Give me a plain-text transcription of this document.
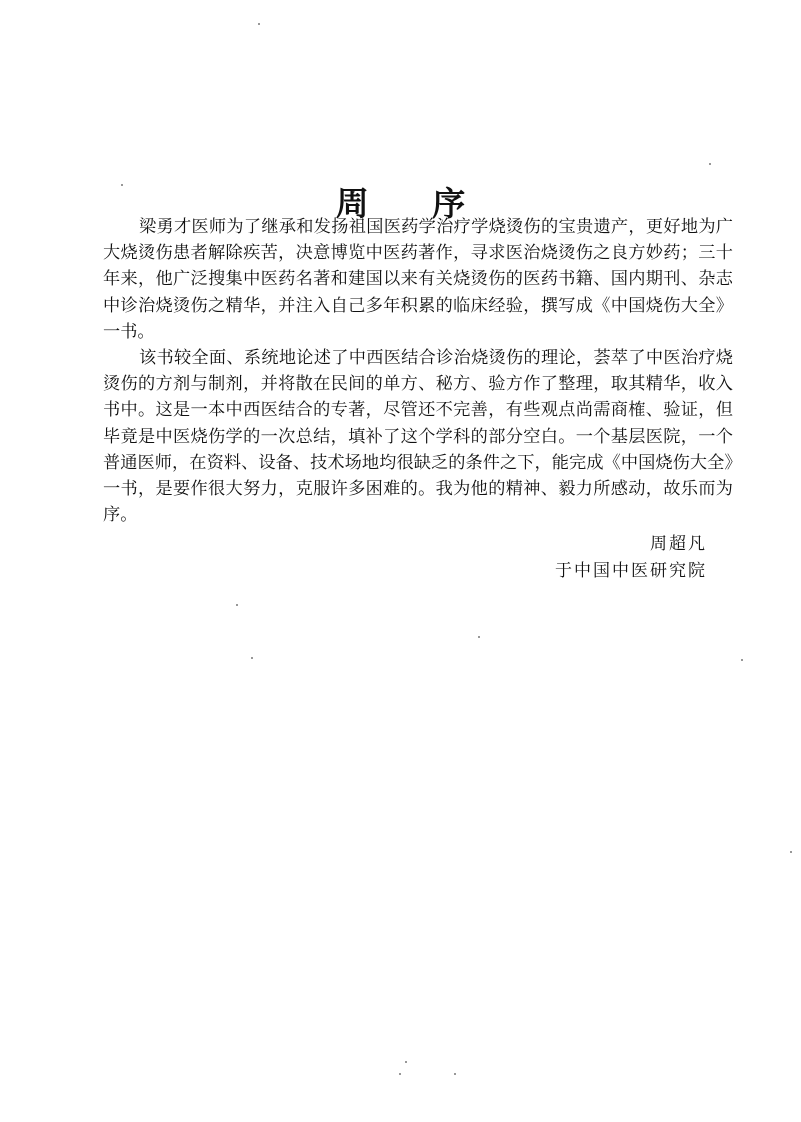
周 序

梁勇才医师为了继承和发扬祖国医药学治疗学烧烫伤的宝贵遗产，更好地为广大烧烫伤患者解除疾苦，决意博览中医药著作，寻求医治烧烫伤之良方妙药；三十年来，他广泛搜集中医药名著和建国以来有关烧烫伤的医药书籍、国内期刊、杂志中诊治烧烫伤之精华，并注入自己多年积累的临床经验，撰写成《中国烧伤大全》一书。

该书较全面、系统地论述了中西医结合诊治烧烫伤的理论，荟萃了中医治疗烧烫伤的方剂与制剂，并将散在民间的单方、秘方、验方作了整理，取其精华，收入书中。这是一本中西医结合的专著，尽管还不完善，有些观点尚需商榷、验证，但毕竟是中医烧伤学的一次总结，填补了这个学科的部分空白。一个基层医院，一个普通医师，在资料、设备、技术场地均很缺乏的条件之下，能完成《中国烧伤大全》一书，是要作很大努力，克服许多困难的。我为他的精神、毅力所感动，故乐而为序。

周超凡
于中国中医研究院
